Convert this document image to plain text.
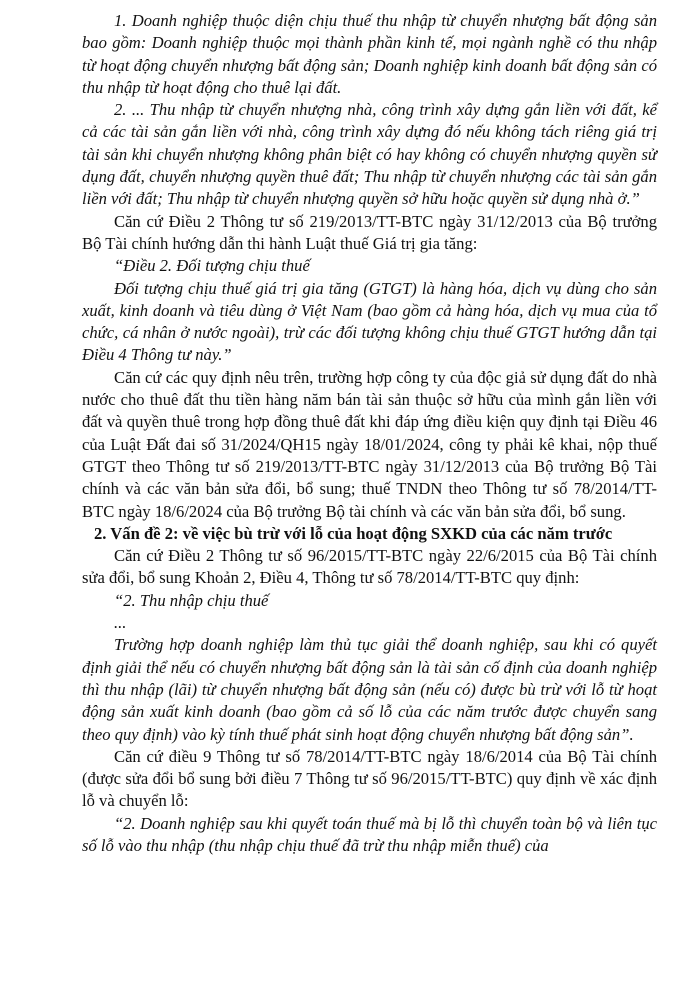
1. Doanh nghiệp thuộc diện chịu thuế thu nhập từ chuyển nhượng bất động sản bao gồm: Doanh nghiệp thuộc mọi thành phần kinh tế, mọi ngành nghề có thu nhập từ hoạt động chuyển nhượng bất động sản; Doanh nghiệp kinh doanh bất động sản có thu nhập từ hoạt động cho thuê lại đất.

2. ... Thu nhập từ chuyển nhượng nhà, công trình xây dựng gắn liền với đất, kể cả các tài sản gắn liền với nhà, công trình xây dựng đó nếu không tách riêng giá trị tài sản khi chuyển nhượng không phân biệt có hay không có chuyển nhượng quyền sử dụng đất, chuyển nhượng quyền thuê đất; Thu nhập từ chuyển nhượng các tài sản gắn liền với đất; Thu nhập từ chuyển nhượng quyền sở hữu hoặc quyền sử dụng nhà ở.”

Căn cứ Điều 2 Thông tư số 219/2013/TT-BTC ngày 31/12/2013 của Bộ trưởng Bộ Tài chính hướng dẫn thi hành Luật thuế Giá trị gia tăng:

“Điều 2. Đối tượng chịu thuế

Đối tượng chịu thuế giá trị gia tăng (GTGT) là hàng hóa, dịch vụ dùng cho sản xuất, kinh doanh và tiêu dùng ở Việt Nam (bao gồm cả hàng hóa, dịch vụ mua của tổ chức, cá nhân ở nước ngoài), trừ các đối tượng không chịu thuế GTGT hướng dẫn tại Điều 4 Thông tư này.”

Căn cứ các quy định nêu trên, trường hợp công ty của độc giả sử dụng đất do nhà nước cho thuê đất thu tiền hàng năm bán tài sản thuộc sở hữu của mình gắn liền với đất và quyền thuê trong hợp đồng thuê đất khi đáp ứng điều kiện quy định tại Điều 46 của Luật Đất đai số 31/2024/QH15 ngày 18/01/2024, công ty phải kê khai, nộp thuế GTGT theo Thông tư số 219/2013/TT-BTC ngày 31/12/2013 của Bộ trưởng Bộ Tài chính và các văn bản sửa đổi, bổ sung; thuế TNDN theo Thông tư số 78/2014/TT-BTC ngày 18/6/2024 của Bộ trưởng Bộ tài chính và các văn bản sửa đổi, bổ sung.

2. Vấn đề 2: về việc bù trừ với lỗ của hoạt động SXKD của các năm trước

Căn cứ Điều 2 Thông tư số 96/2015/TT-BTC ngày 22/6/2015 của Bộ Tài chính sửa đổi, bổ sung Khoản 2, Điều 4, Thông tư số 78/2014/TT-BTC quy định:

“2. Thu nhập chịu thuế

...

Trường hợp doanh nghiệp làm thủ tục giải thể doanh nghiệp, sau khi có quyết định giải thể nếu có chuyển nhượng bất động sản là tài sản cố định của doanh nghiệp thì thu nhập (lãi) từ chuyển nhượng bất động sản (nếu có) được bù trừ với lỗ từ hoạt động sản xuất kinh doanh (bao gồm cả số lỗ của các năm trước được chuyển sang theo quy định) vào kỳ tính thuế phát sinh hoạt động chuyển nhượng bất động sản”.

Căn cứ điều 9 Thông tư số 78/2014/TT-BTC ngày 18/6/2014 của Bộ Tài chính (được sửa đổi bổ sung bởi điều 7 Thông tư số 96/2015/TT-BTC) quy định về xác định lỗ và chuyển lỗ:

“2. Doanh nghiệp sau khi quyết toán thuế mà bị lỗ thì chuyển toàn bộ và liên tục số lỗ vào thu nhập (thu nhập chịu thuế đã trừ thu nhập miễn thuế) của
